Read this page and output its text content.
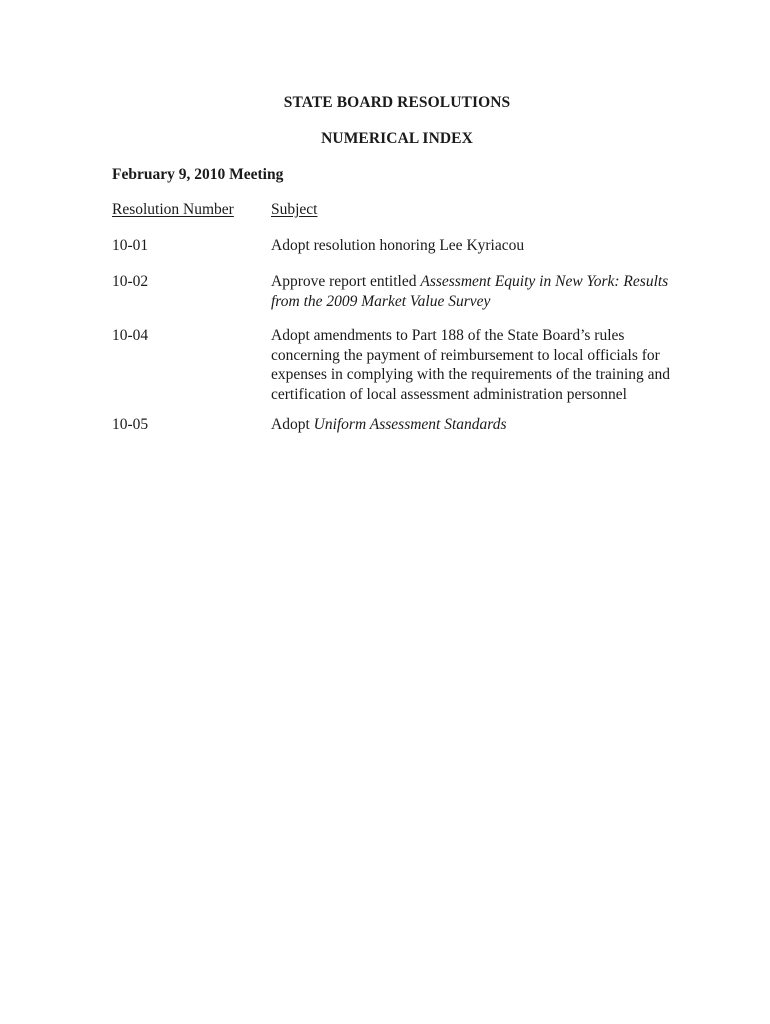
STATE BOARD RESOLUTIONS
NUMERICAL INDEX
February 9, 2010 Meeting
Resolution Number Subject
10-01	Adopt resolution honoring Lee Kyriacou
10-02	Approve report entitled Assessment Equity in New York: Results from the 2009 Market Value Survey
10-04	Adopt amendments to Part 188 of the State Board’s rules concerning the payment of reimbursement to local officials for expenses in complying with the requirements of the training and certification of local assessment administration personnel
10-05	Adopt Uniform Assessment Standards
